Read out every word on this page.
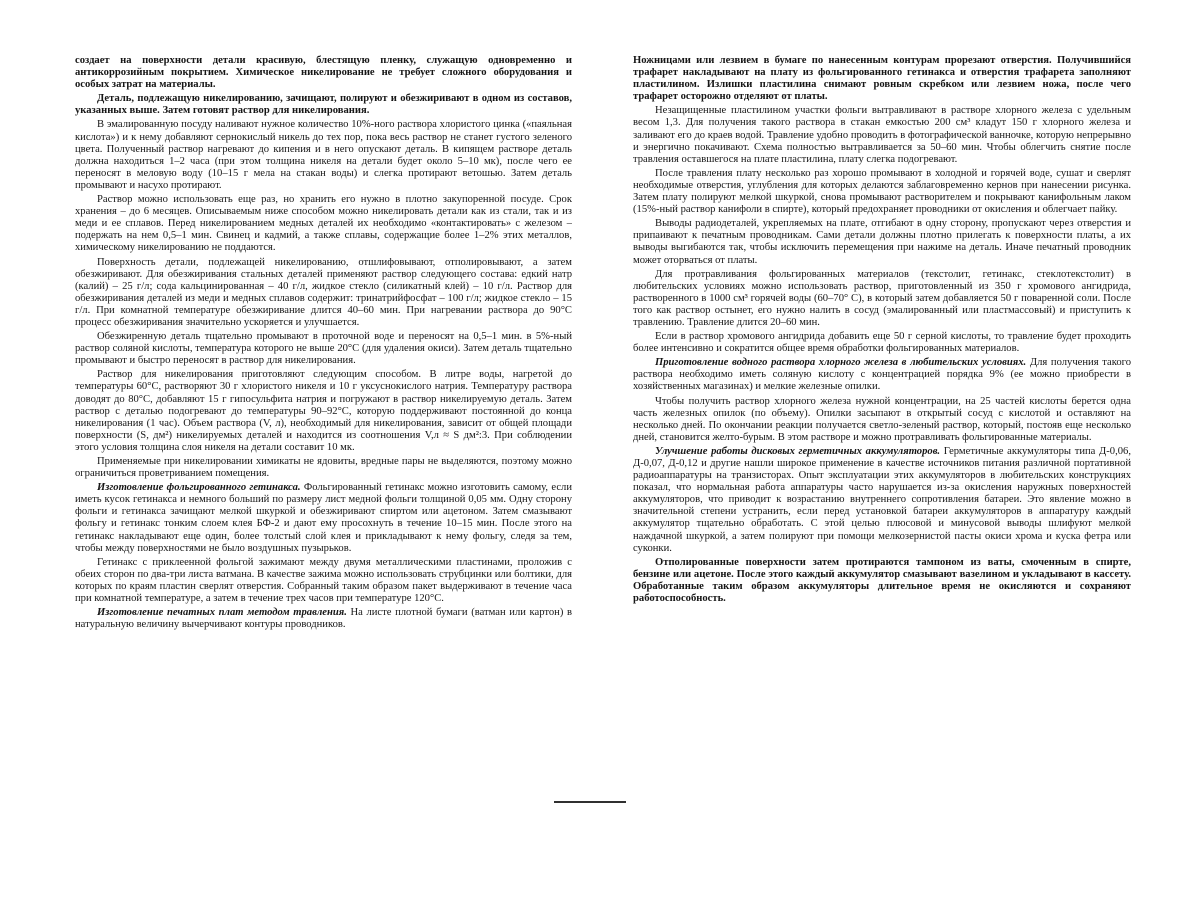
создает на поверхности детали красивую, блестящую пленку, служащую одновременно и антикоррозийным покрытием. Химическое никелирование не требует сложного оборудования и особых затрат на материалы.

Деталь, подлежащую никелированию, зачищают, полируют и обезжиривают в одном из составов, указанных выше. Затем готовят раствор для никелирования.

В эмалированную посуду наливают нужное количество 10%-ного раствора хлористого цинка («паяльная кислота») и к нему добавляют сернокислый никель до тех пор, пока весь раствор не станет густого зеленого цвета. Полученный раствор нагревают до кипения и в него опускают деталь. В кипящем растворе деталь должна находиться 1–2 часа (при этом толщина никеля на детали будет около 5–10 мк), после чего ее переносят в меловую воду (10–15 г мела на стакан воды) и слегка протирают ветошью. Затем деталь промывают и насухо протирают.

Раствор можно использовать еще раз, но хранить его нужно в плотно закупоренной посуде. Срок хранения – до 6 месяцев. Описываемым ниже способом можно никелировать детали как из стали, так и из меди и ее сплавов. Перед никелированием медных деталей их необходимо «контактировать» с железом – подержать на нем 0,5–1 мин. Свинец и кадмий, а также сплавы, содержащие более 1–2% этих металлов, химическому никелированию не поддаются.

Поверхность детали, подлежащей никелированию, отшлифовывают, отполировывают, а затем обезжиривают. Для обезжиривания стальных деталей применяют раствор следующего состава: едкий натр (калий) – 25 г/л; сода кальцинированная – 40 г/л, жидкое стекло (силикатный клей) – 10 г/л. Раствор для обезжиривания деталей из меди и медных сплавов содержит: тринатрийфосфат – 100 г/л; жидкое стекло – 15 г/л. При комнатной температуре обезжиривание длится 40–60 мин. При нагревании раствора до 90°С процесс обезжиривания значительно ускоряется и улучшается.

Обезжиренную деталь тщательно промывают в проточной воде и переносят на 0,5–1 мин. в 5%-ный раствор соляной кислоты, температура которого не выше 20°С (для удаления окиси). Затем деталь тщательно промывают и быстро переносят в раствор для никелирования.

Раствор для никелирования приготовляют следующим способом. В литре воды, нагретой до температуры 60°С, растворяют 30 г хлористого никеля и 10 г уксуснокислого натрия. Температуру раствора доводят до 80°С, добавляют 15 г гипосульфита натрия и погружают в раствор никелируемую деталь. Затем раствор с деталью подогревают до температуры 90–92°С, которую поддерживают постоянной до конца никелирования (1 час). Объем раствора (V, л), необходимый для никелирования, зависит от общей площади поверхности (S, дм²) никелируемых деталей и находится из соотношения V,л ≈ S дм²:3. При соблюдении этого условия толщина слоя никеля на детали составит 10 мк.

Применяемые при никелировании химикаты не ядовиты, вредные пары не выделяются, поэтому можно ограничиться проветриванием помещения.

Изготовление фольгированного гетинакса. Фольгированный гетинакс можно изготовить самому, если иметь кусок гетинакса и немного больший по размеру лист медной фольги толщиной 0,05 мм. Одну сторону фольги и гетинакса зачищают мелкой шкуркой и обезжиривают спиртом или ацетоном. Затем смазывают фольгу и гетинакс тонким слоем клея БФ-2 и дают ему просохнуть в течение 10–15 мин. После этого на гетинакс накладывают еще один, более толстый слой клея и прикладывают к нему фольгу, следя за тем, чтобы между поверхностями не было воздушных пузырьков.

Гетинакс с приклеенной фольгой зажимают между двумя металлическими пластинами, проложив с обеих сторон по два-три листа ватмана. В качестве зажима можно использовать струбцинки или болтики, для которых по краям пластин сверлят отверстия. Собранный таким образом пакет выдерживают в течение часа при комнатной температуре, а затем в течение трех часов при температуре 120°С.

Изготовление печатных плат методом травления. На листе плотной бумаги (ватман или картон) в натуральную величину вычерчивают контуры проводников.

Ножницами или лезвием в бумаге по нанесенным контурам прорезают отверстия. Получившийся трафарет накладывают на плату из фольгированного гетинакса и отверстия трафарета заполняют пластилином. Излишки пластилина снимают ровным скребком или лезвием ножа, после чего трафарет осторожно отделяют от платы.

Незащищенные пластилином участки фольги вытравливают в растворе хлорного железа с удельным весом 1,3. Для получения такого раствора в стакан емкостью 200 см³ кладут 150 г хлорного железа и заливают его до краев водой. Травление удобно проводить в фотографической ванночке, которую непрерывно и энергично покачивают. Схема полностью вытравливается за 50–60 мин. Чтобы облегчить снятие после травления оставшегося на плате пластилина, плату слегка подогревают.

После травления плату несколько раз хорошо промывают в холодной и горячей воде, сушат и сверлят необходимые отверстия, углубления для которых делаются заблаговременно кернов при нанесении рисунка. Затем плату полируют мелкой шкуркой, снова промывают растворителем и покрывают канифольным лаком (15%-ный раствор канифоли в спирте), который предохраняет проводники от окисления и облегчает пайку.

Выводы радиодеталей, укрепляемых на плате, отгибают в одну сторону, пропускают через отверстия и припаивают к печатным проводникам. Сами детали должны плотно прилегать к поверхности платы, а их выводы выгибаются так, чтобы исключить перемещения при нажиме на деталь. Иначе печатный проводник может оторваться от платы.

Для протравливания фольгированных материалов (текстолит, гетинакс, стеклотекстолит) в любительских условиях можно использовать раствор, приготовленный из 350 г хромового ангидрида, растворенного в 1000 см³ горячей воды (60–70° С), в который затем добавляется 50 г поваренной соли. После того как раствор остынет, его нужно налить в сосуд (эмалированный или пластмассовый) и приступить к травлению. Травление длится 20–60 мин.

Если в раствор хромового ангидрида добавить еще 50 г серной кислоты, то травление будет проходить более интенсивно и сократится общее время обработки фольгированных материалов.

Приготовление водного раствора хлорного железа в любительских условиях. Для получения такого раствора необходимо иметь соляную кислоту с концентрацией порядка 9% (ее можно приобрести в хозяйственных магазинах) и мелкие железные опилки.

Чтобы получить раствор хлорного железа нужной концентрации, на 25 частей кислоты берется одна часть железных опилок (по объему). Опилки засыпают в открытый сосуд с кислотой и оставляют на несколько дней. По окончании реакции получается светло-зеленый раствор, который, постояв еще несколько дней, становится желто-бурым. В этом растворе и можно протравливать фольгированные материалы.

Улучшение работы дисковых герметичных аккумуляторов. Герметичные аккумуляторы типа Д-0,06, Д-0,07, Д-0,12 и другие нашли широкое применение в качестве источников питания различной портативной радиоаппаратуры на транзисторах. Опыт эксплуатации этих аккумуляторов в любительских конструкциях показал, что нормальная работа аппаратуры часто нарушается из-за окисления наружных поверхностей аккумуляторов, что приводит к возрастанию внутреннего сопротивления батареи. Это явление можно в значительной степени устранить, если перед установкой батареи аккумуляторов в аппаратуру каждый аккумулятор тщательно обработать. С этой целью плюсовой и минусовой выводы шлифуют мелкой наждачной шкуркой, а затем полируют при помощи мелкозернистой пасты окиси хрома и куска фетра или суконки.

Отполированные поверхности затем протираются тампоном из ваты, смоченным в спирте, бензине или ацетоне. После этого каждый аккумулятор смазывают вазелином и укладывают в кассету. Обработанные таким образом аккумуляторы длительное время не окисляются и сохраняют работоспособность.
